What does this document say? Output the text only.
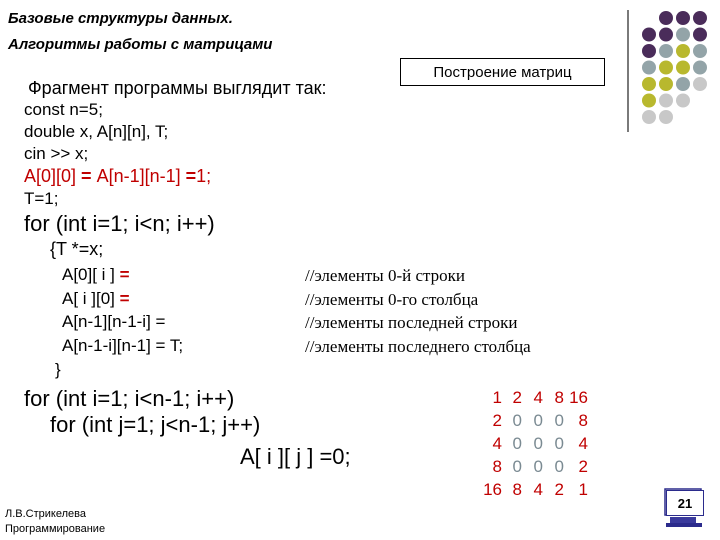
Базовые структуры данных.
Алгоритмы работы с матрицами
Построение матриц
Фрагмент программы выглядит так:
const n=5;
double x, A[n][n], T;
cin >> x;
A[0][0] = A[n-1][n-1] =1;
T=1;
for (int i=1; i<n; i++)
{T *=x;
A[0][ i ] =
A[ i ][0] =
A[n-1][n-1-i] =
A[n-1-i][n-1] = T;
}
//элементы 0-й строки
//элементы 0-го столбца
//элементы последней строки
//элементы последнего столбца
for (int i=1; i<n-1; i++)
for (int j=1; j<n-1; j++)
A[ i ][ j ] =0;
1 2 4 8 16
2 0 0 0 8
4 0 0 0 4
8 0 0 0 2
16 8 4 2 1
Л.В.Стрикелева
Программирование
21
